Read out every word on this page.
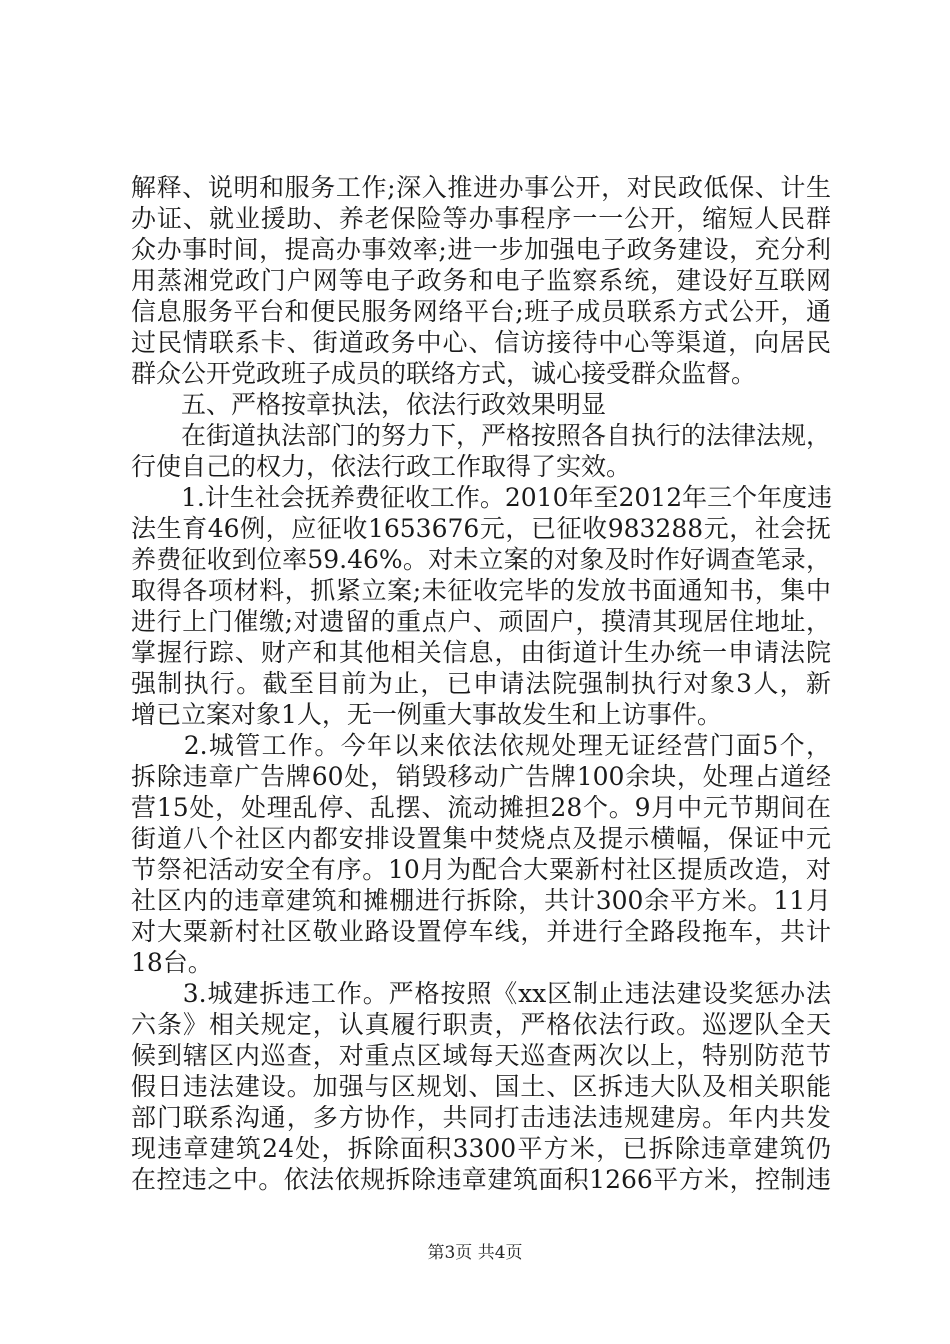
解释、说明和服务工作;深入推进办事公开，对民政低保、计生
办证、就业援助、养老保险等办事程序一一公开，缩短人民群
众办事时间，提高办事效率;进一步加强电子政务建设，充分利
用蒸湘党政门户网等电子政务和电子监察系统，建设好互联网
信息服务平台和便民服务网络平台;班子成员联系方式公开，通
过民情联系卡、街道政务中心、信访接待中心等渠道，向居民
群众公开党政班子成员的联络方式，诚心接受群众监督。
　　五、严格按章执法，依法行政效果明显
　　在街道执法部门的努力下，严格按照各自执行的法律法规，
行使自己的权力，依法行政工作取得了实效。
　　1.计生社会抚养费征收工作。2010年至2012年三个年度违
法生育46例，应征收1653676元，已征收983288元，社会抚
养费征收到位率59.46%。对未立案的对象及时作好调查笔录，
取得各项材料，抓紧立案;未征收完毕的发放书面通知书，集中
进行上门催缴;对遗留的重点户、顽固户，摸清其现居住地址，
掌握行踪、财产和其他相关信息，由街道计生办统一申请法院
强制执行。截至目前为止，已申请法院强制执行对象3人，新
增已立案对象1人，无一例重大事故发生和上访事件。
　　2.城管工作。今年以来依法依规处理无证经营门面5个，
拆除违章广告牌60处，销毁移动广告牌100余块，处理占道经
营15处，处理乱停、乱摆、流动摊担28个。9月中元节期间在
街道八个社区内都安排设置集中焚烧点及提示横幅，保证中元
节祭祀活动安全有序。10月为配合大粟新村社区提质改造，对
社区内的违章建筑和摊棚进行拆除，共计300余平方米。11月
对大粟新村社区敬业路设置停车线，并进行全路段拖车，共计
18台。
　　3.城建拆违工作。严格按照《xx区制止违法建设奖惩办法
六条》相关规定，认真履行职责，严格依法行政。巡逻队全天
候到辖区内巡查，对重点区域每天巡查两次以上，特别防范节
假日违法建设。加强与区规划、国土、区拆违大队及相关职能
部门联系沟通，多方协作，共同打击违法违规建房。年内共发
现违章建筑24处，拆除面积3300平方米，已拆除违章建筑仍
在控违之中。依法依规拆除违章建筑面积1266平方米，控制违
第3页 共4页
